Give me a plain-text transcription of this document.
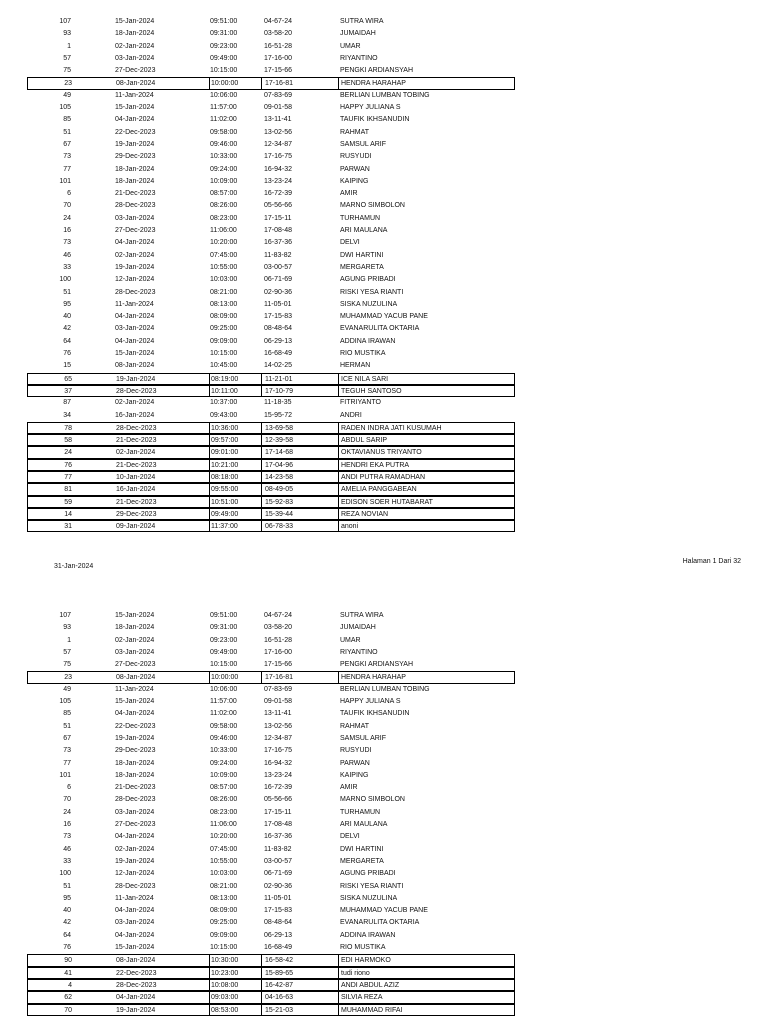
107	15-Jan-2024	09:51:00	04-67-24	SUTRA WIRA
93	18-Jan-2024	09:31:00	03-58-20	JUMAIDAH
1	02-Jan-2024	09:23:00	16-51-28	UMAR
57	03-Jan-2024	09:49:00	17-16-00	RIYANTINO
75	27-Dec-2023	10:15:00	17-15-66	PENGKI ARDIANSYAH
23	08-Jan-2024	10:00:00	17-16-81	HENDRA HARAHAP
49	11-Jan-2024	10:06:00	07-83-69	BERLIAN LUMBAN TOBING
105	15-Jan-2024	11:57:00	09-01-58	HAPPY JULIANA S
85	04-Jan-2024	11:02:00	13-11-41	TAUFIK IKHSANUDIN
51	22-Dec-2023	09:58:00	13-02-56	RAHMAT
67	19-Jan-2024	09:46:00	12-34-87	SAMSUL ARIF
73	29-Dec-2023	10:33:00	17-16-75	RUSYUDI
77	18-Jan-2024	09:24:00	16-94-32	PARWAN
101	18-Jan-2024	10:09:00	13-23-24	KAIPING
6	21-Dec-2023	08:57:00	16-72-39	AMIR
70	28-Dec-2023	08:26:00	05-56-66	MARNO SIMBOLON
24	03-Jan-2024	08:23:00	17-15-11	TURHAMUN
16	27-Dec-2023	11:06:00	17-08-48	ARI MAULANA
73	04-Jan-2024	10:20:00	16-37-36	DELVI
46	02-Jan-2024	07:45:00	11-83-82	DWI HARTINI
33	19-Jan-2024	10:55:00	03-00-57	MERGARETA
100	12-Jan-2024	10:03:00	06-71-69	AGUNG PRIBADI
51	28-Dec-2023	08:21:00	02-90-36	RISKI YESA RIANTI
95	11-Jan-2024	08:13:00	11-05-01	SISKA NUZULINA
40	04-Jan-2024	08:09:00	17-15-83	MUHAMMAD YACUB PANE
42	03-Jan-2024	09:25:00	08-48-64	EVANARULITA OKTARIA
64	04-Jan-2024	09:09:00	06-29-13	ADDINA IRAWAN
76	15-Jan-2024	10:15:00	16-68-49	RIO MUSTIKA
15	08-Jan-2024	10:45:00	14-02-25	HERMAN
65	19-Jan-2024	08:19:00	11-21-01	ICE NILA SARI
37	28-Dec-2023	10:11:00	17-10-79	TEGUH SANTOSO
87	02-Jan-2024	10:37:00	11-18-35	FITRIYANTO
34	16-Jan-2024	09:43:00	15-95-72	ANDRI
78	28-Dec-2023	10:36:00	13-69-58	RADEN INDRA JATI KUSUMAH
58	21-Dec-2023	09:57:00	12-39-58	ABDUL SARIP
24	02-Jan-2024	09:01:00	17-14-68	OKTAVIANUS TRIYANTO
76	21-Dec-2023	10:21:00	17-04-96	HENDRI EKA PUTRA
77	10-Jan-2024	08:18:00	14-23-58	ANDI PUTRA RAMADHAN
81	16-Jan-2024	09:55:00	08-49-05	AMELIA PANGGABEAN
59	21-Dec-2023	10:51:00	15-92-83	EDISON SOER HUTABARAT
14	29-Dec-2023	09:49:00	15-39-44	REZA NOVIAN
31	09-Jan-2024	11:37:00	06-78-33	anoni
31-Jan-2024
Halaman 1 Dari 32
107	15-Jan-2024	09:51:00	04-67-24	SUTRA WIRA
93	18-Jan-2024	09:31:00	03-58-20	JUMAIDAH
1	02-Jan-2024	09:23:00	16-51-28	UMAR
57	03-Jan-2024	09:49:00	17-16-00	RIYANTINO
75	27-Dec-2023	10:15:00	17-15-66	PENGKI ARDIANSYAH
23	08-Jan-2024	10:00:00	17-16-81	HENDRA HARAHAP
49	11-Jan-2024	10:06:00	07-83-69	BERLIAN LUMBAN TOBING
105	15-Jan-2024	11:57:00	09-01-58	HAPPY JULIANA S
85	04-Jan-2024	11:02:00	13-11-41	TAUFIK IKHSANUDIN
51	22-Dec-2023	09:58:00	13-02-56	RAHMAT
67	19-Jan-2024	09:46:00	12-34-87	SAMSUL ARIF
73	29-Dec-2023	10:33:00	17-16-75	RUSYUDI
77	18-Jan-2024	09:24:00	16-94-32	PARWAN
101	18-Jan-2024	10:09:00	13-23-24	KAIPING
6	21-Dec-2023	08:57:00	16-72-39	AMIR
70	28-Dec-2023	08:26:00	05-56-66	MARNO SIMBOLON
24	03-Jan-2024	08:23:00	17-15-11	TURHAMUN
16	27-Dec-2023	11:06:00	17-08-48	ARI MAULANA
73	04-Jan-2024	10:20:00	16-37-36	DELVI
46	02-Jan-2024	07:45:00	11-83-82	DWI HARTINI
33	19-Jan-2024	10:55:00	03-00-57	MERGARETA
100	12-Jan-2024	10:03:00	06-71-69	AGUNG PRIBADI
51	28-Dec-2023	08:21:00	02-90-36	RISKI YESA RIANTI
95	11-Jan-2024	08:13:00	11-05-01	SISKA NUZULINA
40	04-Jan-2024	08:09:00	17-15-83	MUHAMMAD YACUB PANE
42	03-Jan-2024	09:25:00	08-48-64	EVANARULITA OKTARIA
64	04-Jan-2024	09:09:00	06-29-13	ADDINA IRAWAN
76	15-Jan-2024	10:15:00	16-68-49	RIO MUSTIKA
90	08-Jan-2024	10:30:00	16-58-42	EDI HARMOKO
41	22-Dec-2023	10:23:00	15-89-65	tudi riono
4	28-Dec-2023	10:08:00	16-42-87	ANDI ABDUL AZIZ
62	04-Jan-2024	09:03:00	04-16-63	SILVIA REZA
70	19-Jan-2024	08:53:00	15-21-03	MUHAMMAD RIFAI
